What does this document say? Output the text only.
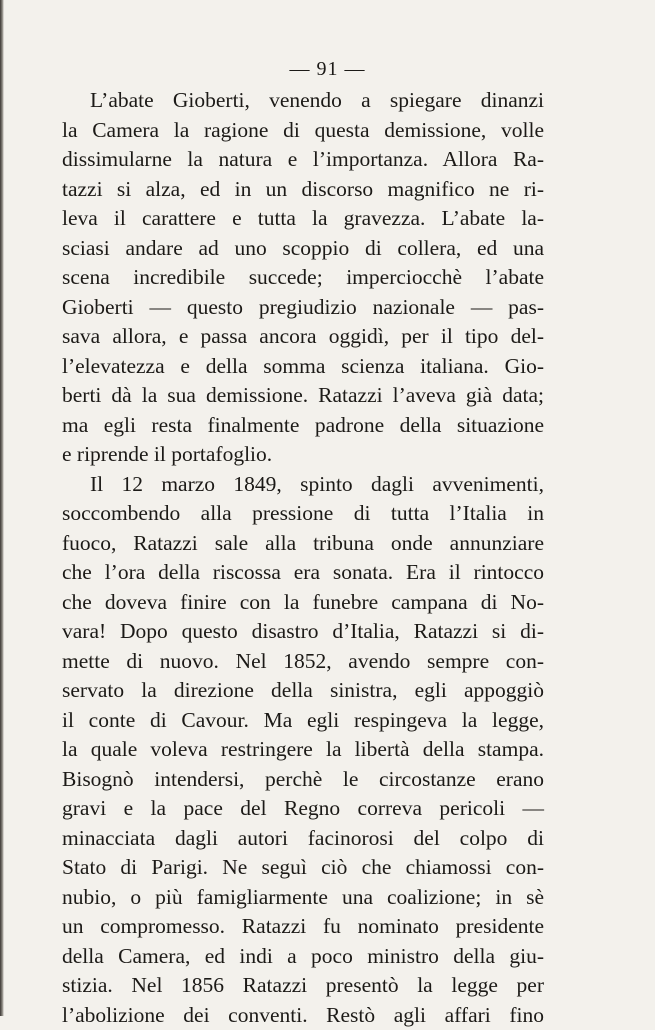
— 91 —
L’abate Gioberti, venendo a spiegare dinanzi
la Camera la ragione di questa demissione, volle
dissimularne la natura e l’importanza. Allora Ra-
tazzi si alza, ed in un discorso magnifico ne ri-
leva il carattere e tutta la gravezza. L’abate la-
sciasi andare ad uno scoppio di collera, ed una
scena incredibile succede; imperciocchè l’abate
Gioberti — questo pregiudizio nazionale — pas-
sava allora, e passa ancora oggidì, per il tipo del-
l’elevatezza e della somma scienza italiana. Gio-
berti dà la sua demissione. Ratazzi l’aveva già data;
ma egli resta finalmente padrone della situazione
e riprende il portafoglio.
Il 12 marzo 1849, spinto dagli avvenimenti,
soccombendo alla pressione di tutta l’Italia in
fuoco, Ratazzi sale alla tribuna onde annunziare
che l’ora della riscossa era sonata. Era il rintocco
che doveva finire con la funebre campana di No-
vara! Dopo questo disastro d’Italia, Ratazzi si di-
mette di nuovo. Nel 1852, avendo sempre con-
servato la direzione della sinistra, egli appoggiò
il conte di Cavour. Ma egli respingeva la legge,
la quale voleva restringere la libertà della stampa.
Bisognò intendersi, perchè le circostanze erano
gravi e la pace del Regno correva pericoli —
minacciata dagli autori facinorosi del colpo di
Stato di Parigi. Ne seguì ciò che chiamossi con-
nubio, o più famigliarmente una coalizione; in sè
un compromesso. Ratazzi fu nominato presidente
della Camera, ed indi a poco ministro della giu-
stizia. Nel 1856 Ratazzi presentò la legge per
l’abolizione dei conventi. Restò agli affari fino
